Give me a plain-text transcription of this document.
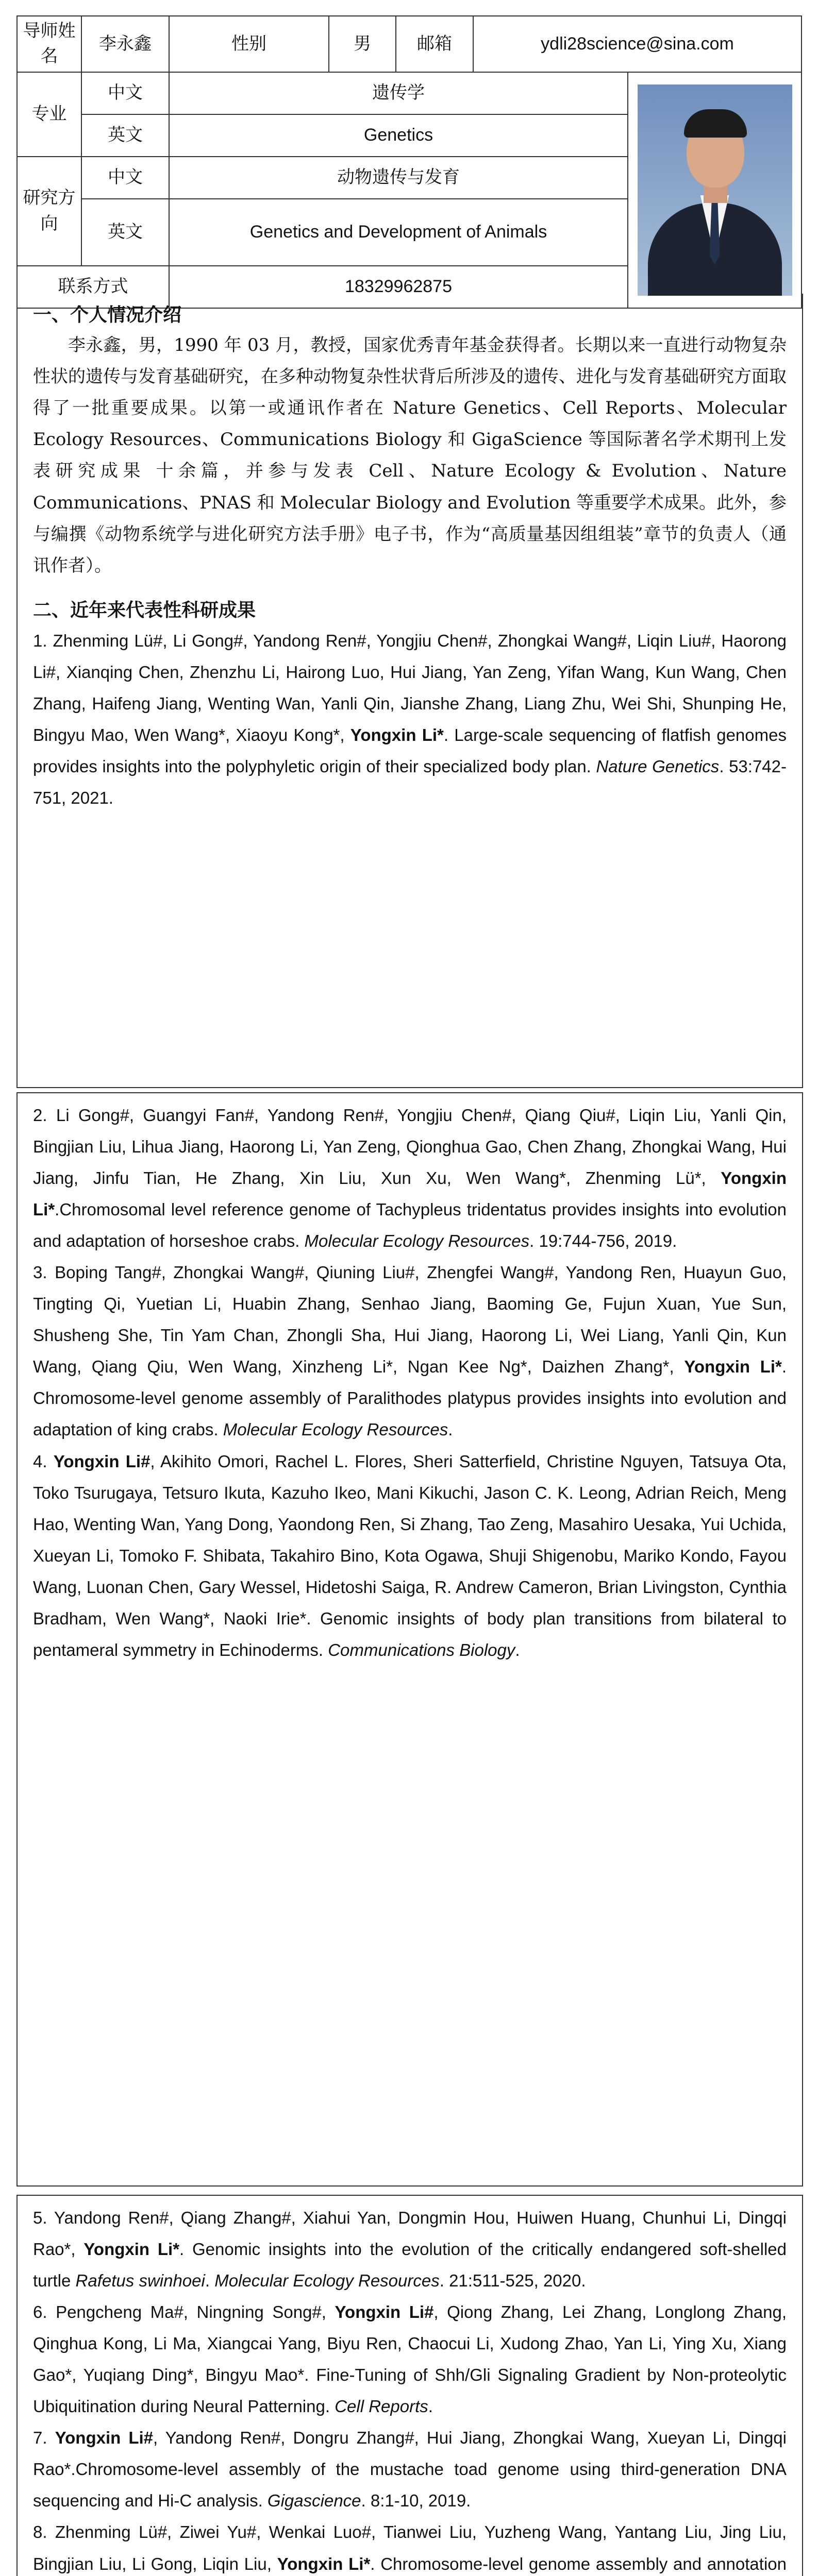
导师姓名	李永鑫	性别	男	邮箱	ydli28science@sina.com	
专业	中文	遗传学				

	英文	Genetics				
研究方向	中文	动物遗传与发育				
	英文	Genetics and Development of Animals				
联系方式		18329962875				
一、个人情况介绍

李永鑫，男，1990 年 03 月，教授，国家优秀青年基金获得者。长期以来一直进行动物复杂性状的遗传与发育基础研究，在多种动物复杂性状背后所涉及的遗传、进化与发育基础研究方面取得了一批重要成果。以第一或通讯作者在 Nature Genetics、Cell Reports、Molecular Ecology Resources、Communications Biology 和 GigaScience 等国际著名学术期刊上发表研究成果 十余篇，并参与发表 Cell、Nature Ecology & Evolution、Nature Communications、PNAS 和 Molecular Biology and Evolution 等重要学术成果。此外，参与编撰《动物系统学与进化研究方法手册》电子书，作为“高质量基因组组装”章节的负责人（通讯作者）。

二、近年来代表性科研成果

1. Zhenming Lü#, Li Gong#, Yandong Ren#, Yongjiu Chen#, Zhongkai Wang#, Liqin Liu#, Haorong Li#, Xianqing Chen, Zhenzhu Li, Hairong Luo, Hui Jiang, Yan Zeng, Yifan Wang, Kun Wang, Chen Zhang, Haifeng Jiang, Wenting Wan, Yanli Qin, Jianshe Zhang, Liang Zhu, Wei Shi, Shunping He, Bingyu Mao, Wen Wang*, Xiaoyu Kong*, Yongxin Li*. Large-scale sequencing of flatfish genomes provides insights into the polyphyletic origin of their specialized body plan. Nature Genetics. 53:742-751, 2021.

2. Li Gong#, Guangyi Fan#, Yandong Ren#, Yongjiu Chen#, Qiang Qiu#, Liqin Liu, Yanli Qin, Bingjian Liu, Lihua Jiang, Haorong Li, Yan Zeng, Qionghua Gao, Chen Zhang, Zhongkai Wang, Hui Jiang, Jinfu Tian, He Zhang, Xin Liu, Xun Xu, Wen Wang*, Zhenming Lü*, Yongxin Li*.Chromosomal level reference genome of Tachypleus tridentatus provides insights into evolution and adaptation of horseshoe crabs. Molecular Ecology Resources. 19:744-756, 2019.

3. Boping Tang#, Zhongkai Wang#, Qiuning Liu#, Zhengfei Wang#, Yandong Ren, Huayun Guo, Tingting Qi, Yuetian Li, Huabin Zhang, Senhao Jiang, Baoming Ge, Fujun Xuan, Yue Sun, Shusheng She, Tin Yam Chan, Zhongli Sha, Hui Jiang, Haorong Li, Wei Liang, Yanli Qin, Kun Wang, Qiang Qiu, Wen Wang, Xinzheng Li*, Ngan Kee Ng*, Daizhen Zhang*, Yongxin Li*. Chromosome-level genome assembly of Paralithodes platypus provides insights into evolution and adaptation of king crabs. Molecular Ecology Resources.

4. Yongxin Li#, Akihito Omori, Rachel L. Flores, Sheri Satterfield, Christine Nguyen, Tatsuya Ota, Toko Tsurugaya, Tetsuro Ikuta, Kazuho Ikeo, Mani Kikuchi, Jason C. K. Leong, Adrian Reich, Meng Hao, Wenting Wan, Yang Dong, Yaondong Ren, Si Zhang, Tao Zeng, Masahiro Uesaka, Yui Uchida, Xueyan Li, Tomoko F. Shibata, Takahiro Bino, Kota Ogawa, Shuji Shigenobu, Mariko Kondo, Fayou Wang, Luonan Chen, Gary Wessel, Hidetoshi Saiga, R. Andrew Cameron, Brian Livingston, Cynthia Bradham, Wen Wang*, Naoki Irie*. Genomic insights of body plan transitions from bilateral to pentameral symmetry in Echinoderms. Communications Biology.

5. Yandong Ren#, Qiang Zhang#, Xiahui Yan, Dongmin Hou, Huiwen Huang, Chunhui Li, Dingqi Rao*, Yongxin Li*. Genomic insights into the evolution of the critically endangered soft-shelled turtle Rafetus swinhoei. Molecular Ecology Resources. 21:511-525, 2020.

6. Pengcheng Ma#, Ningning Song#, Yongxin Li#, Qiong Zhang, Lei Zhang, Longlong Zhang, Qinghua Kong, Li Ma, Xiangcai Yang, Biyu Ren, Chaocui Li, Xudong Zhao, Yan Li, Ying Xu, Xiang Gao*, Yuqiang Ding*, Bingyu Mao*. Fine-Tuning of Shh/Gli Signaling Gradient by Non-proteolytic Ubiquitination during Neural Patterning. Cell Reports.

7. Yongxin Li#, Yandong Ren#, Dongru Zhang#, Hui Jiang, Zhongkai Wang, Xueyan Li, Dingqi Rao*.Chromosome-level assembly of the mustache toad genome using third-generation DNA sequencing and Hi-C analysis. Gigascience. 8:1-10, 2019.

8. Zhenming Lü#, Ziwei Yu#, Wenkai Luo#, Tianwei Liu, Yuzheng Wang, Yantang Liu, Jing Liu, Bingjian Liu, Li Gong, Liqin Liu, Yongxin Li*. Chromosome-level genome assembly and annotation
